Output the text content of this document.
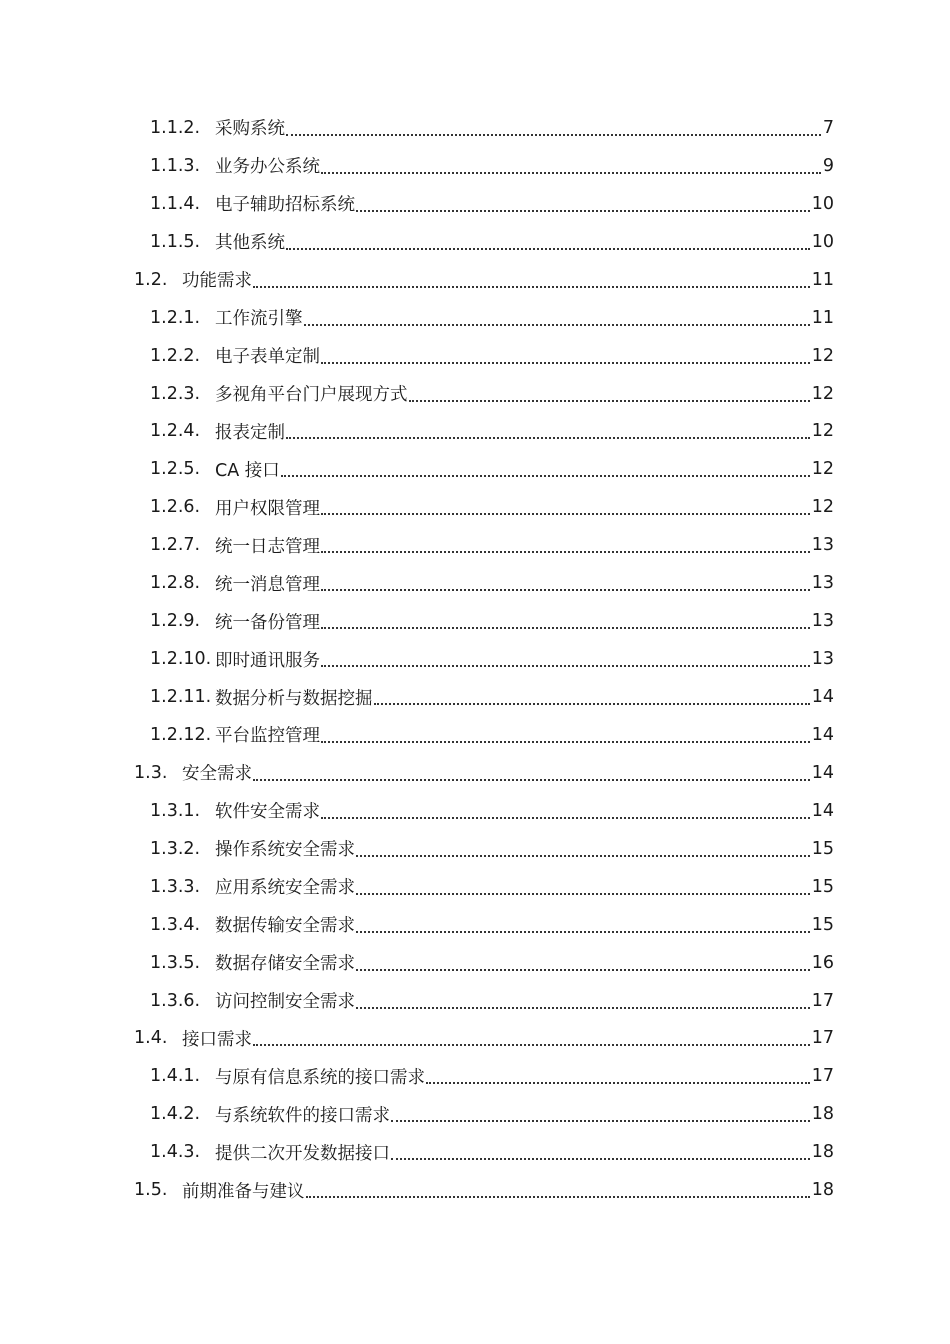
1.1.2. 采购系统	7
1.1.3. 业务办公系统	9
1.1.4. 电子辅助招标系统	10
1.1.5. 其他系统	10
1.2. 功能需求	11
1.2.1. 工作流引擎	11
1.2.2. 电子表单定制	12
1.2.3. 多视角平台门户展现方式	12
1.2.4. 报表定制	12
1.2.5. CA 接口	12
1.2.6. 用户权限管理	12
1.2.7. 统一日志管理	13
1.2.8. 统一消息管理	13
1.2.9. 统一备份管理	13
1.2.10. 即时通讯服务	13
1.2.11. 数据分析与数据挖掘	14
1.2.12. 平台监控管理	14
1.3. 安全需求	14
1.3.1. 软件安全需求	14
1.3.2. 操作系统安全需求	15
1.3.3. 应用系统安全需求	15
1.3.4. 数据传输安全需求	15
1.3.5. 数据存储安全需求	16
1.3.6. 访问控制安全需求	17
1.4. 接口需求	17
1.4.1. 与原有信息系统的接口需求	17
1.4.2. 与系统软件的接口需求	18
1.4.3. 提供二次开发数据接口	18
1.5. 前期准备与建议	18
